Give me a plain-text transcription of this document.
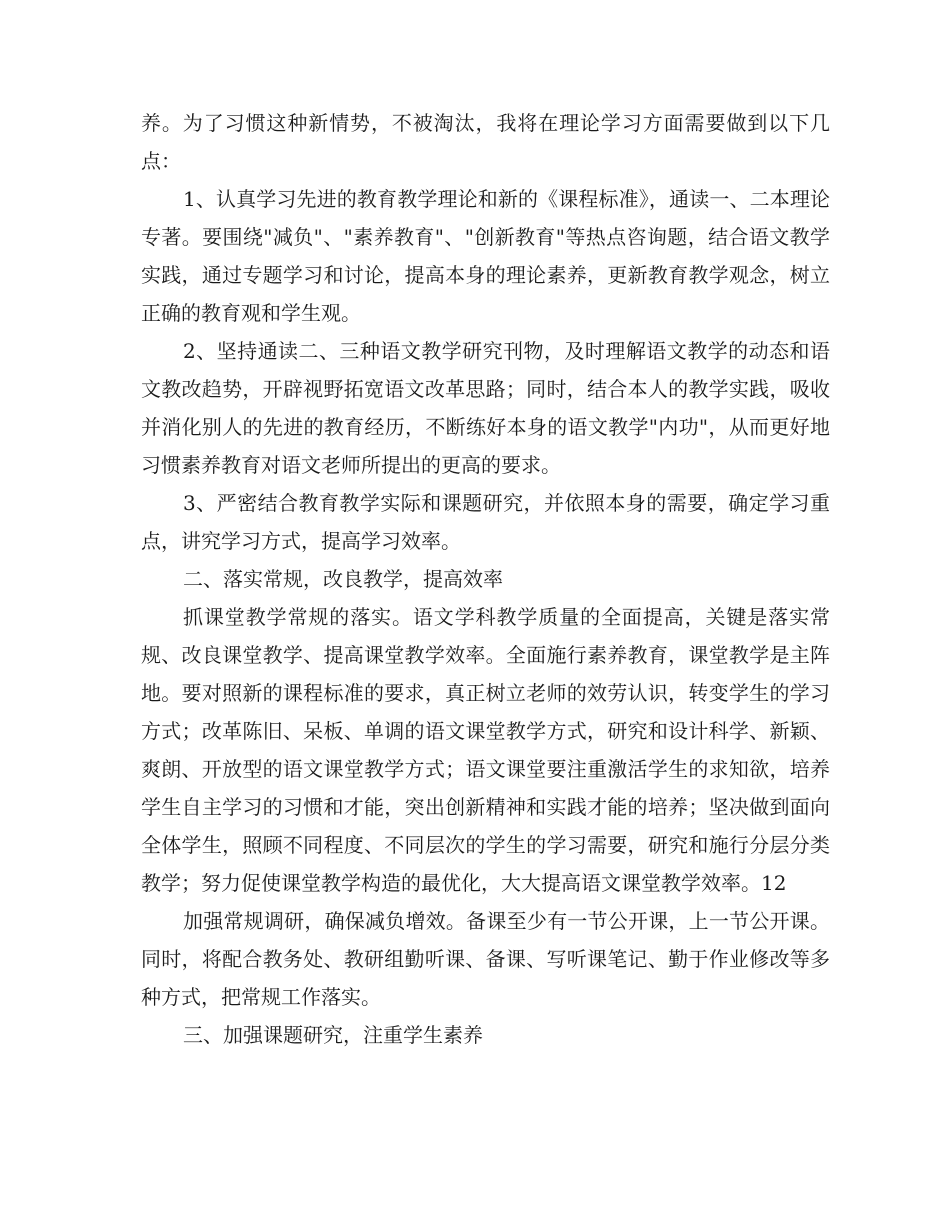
养。为了习惯这种新情势，不被淘汰，我将在理论学习方面需要做到以下几点：

1、认真学习先进的教育教学理论和新的《课程标准》，通读一、二本理论专著。要围绕"减负"、"素养教育"、"创新教育"等热点咨询题，结合语文教学实践，通过专题学习和讨论，提高本身的理论素养，更新教育教学观念，树立正确的教育观和学生观。

2、坚持通读二、三种语文教学研究刊物，及时理解语文教学的动态和语文教改趋势，开辟视野拓宽语文改革思路；同时，结合本人的教学实践，吸收并消化别人的先进的教育经历，不断练好本身的语文教学"内功"，从而更好地习惯素养教育对语文老师所提出的更高的要求。

3、严密结合教育教学实际和课题研究，并依照本身的需要，确定学习重点，讲究学习方式，提高学习效率。

二、落实常规，改良教学，提高效率

抓课堂教学常规的落实。语文学科教学质量的全面提高，关键是落实常规、改良课堂教学、提高课堂教学效率。全面施行素养教育，课堂教学是主阵地。要对照新的课程标准的要求，真正树立老师的效劳认识，转变学生的学习方式；改革陈旧、呆板、单调的语文课堂教学方式，研究和设计科学、新颖、爽朗、开放型的语文课堂教学方式；语文课堂要注重激活学生的求知欲，培养学生自主学习的习惯和才能，突出创新精神和实践才能的培养；坚决做到面向全体学生，照顾不同程度、不同层次的学生的学习需要，研究和施行分层分类教学；努力促使课堂教学构造的最优化，大大提高语文课堂教学效率。12

加强常规调研，确保减负增效。备课至少有一节公开课，上一节公开课。同时，将配合教务处、教研组勤听课、备课、写听课笔记、勤于作业修改等多种方式，把常规工作落实。

三、加强课题研究，注重学生素养
